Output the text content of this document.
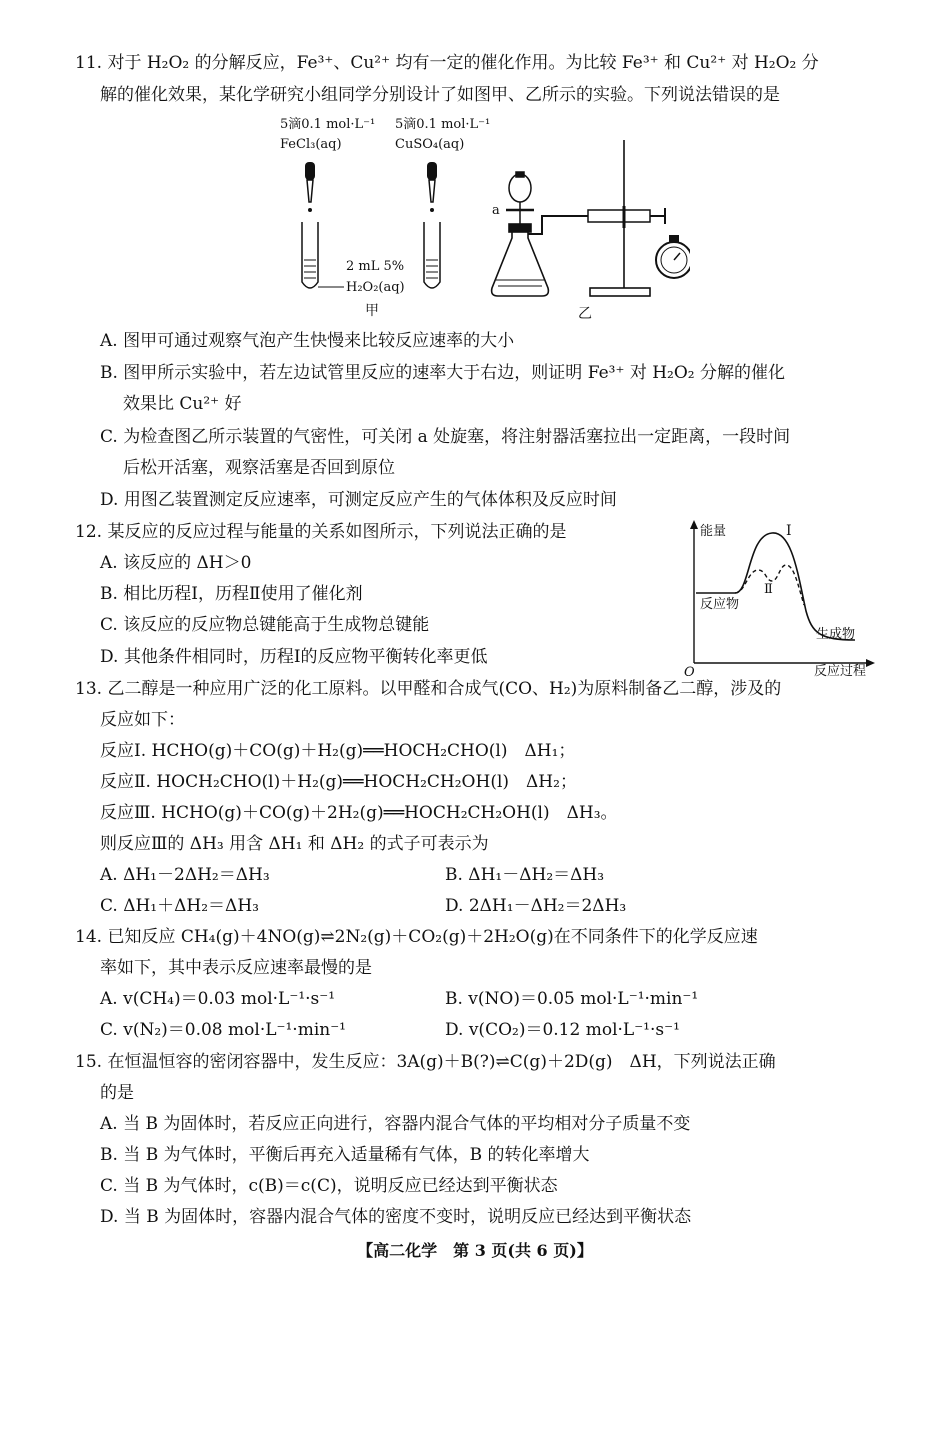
11. 对于 H₂O₂ 的分解反应，Fe³⁺、Cu²⁺ 均有一定的催化作用。为比较 Fe³⁺ 和 Cu²⁺ 对 H₂O₂ 分
解的催化效果，某化学研究小组同学分别设计了如图甲、乙所示的实验。下列说法错误的是
5滴0.1 mol·L⁻¹
FeCl₃(aq)
5滴0.1 mol·L⁻¹
CuSO₄(aq)
2 mL 5%
H₂O₂(aq)
甲
a
乙
A. 图甲可通过观察气泡产生快慢来比较反应速率的大小
B. 图甲所示实验中，若左边试管里反应的速率大于右边，则证明 Fe³⁺ 对 H₂O₂ 分解的催化
效果比 Cu²⁺ 好
C. 为检查图乙所示装置的气密性，可关闭 a 处旋塞，将注射器活塞拉出一定距离，一段时间
后松开活塞，观察活塞是否回到原位
D. 用图乙装置测定反应速率，可测定反应产生的气体体积及反应时间
12. 某反应的反应过程与能量的关系如图所示，下列说法正确的是
A. 该反应的 ΔH＞0
B. 相比历程Ⅰ，历程Ⅱ使用了催化剂
C. 该反应的反应物总键能高于生成物总键能
D. 其他条件相同时，历程Ⅰ的反应物平衡转化率更低
能量
O	反应过程
反应物
生成物
Ⅰ
Ⅱ
13. 乙二醇是一种应用广泛的化工原料。以甲醛和合成气(CO、H₂)为原料制备乙二醇，涉及的
反应如下：
反应Ⅰ. HCHO(g)＋CO(g)＋H₂(g)══HOCH₂CHO(l)　ΔH₁；
反应Ⅱ. HOCH₂CHO(l)＋H₂(g)══HOCH₂CH₂OH(l)　ΔH₂；
反应Ⅲ. HCHO(g)＋CO(g)＋2H₂(g)══HOCH₂CH₂OH(l)　ΔH₃。
则反应Ⅲ的 ΔH₃ 用含 ΔH₁ 和 ΔH₂ 的式子可表示为
A. ΔH₁－2ΔH₂＝ΔH₃	B. ΔH₁－ΔH₂＝ΔH₃
C. ΔH₁＋ΔH₂＝ΔH₃	D. 2ΔH₁－ΔH₂＝2ΔH₃
14. 已知反应 CH₄(g)＋4NO(g)⇌2N₂(g)＋CO₂(g)＋2H₂O(g)在不同条件下的化学反应速
率如下，其中表示反应速率最慢的是
A. v(CH₄)＝0.03 mol·L⁻¹·s⁻¹	B. v(NO)＝0.05 mol·L⁻¹·min⁻¹
C. v(N₂)＝0.08 mol·L⁻¹·min⁻¹	D. v(CO₂)＝0.12 mol·L⁻¹·s⁻¹
15. 在恒温恒容的密闭容器中，发生反应：3A(g)＋B(?)⇌C(g)＋2D(g)　ΔH，下列说法正确
的是
A. 当 B 为固体时，若反应正向进行，容器内混合气体的平均相对分子质量不变
B. 当 B 为气体时，平衡后再充入适量稀有气体，B 的转化率增大
C. 当 B 为气体时，c(B)＝c(C)，说明反应已经达到平衡状态
D. 当 B 为固体时，容器内混合气体的密度不变时，说明反应已经达到平衡状态
【高二化学　第 3 页(共 6 页)】
